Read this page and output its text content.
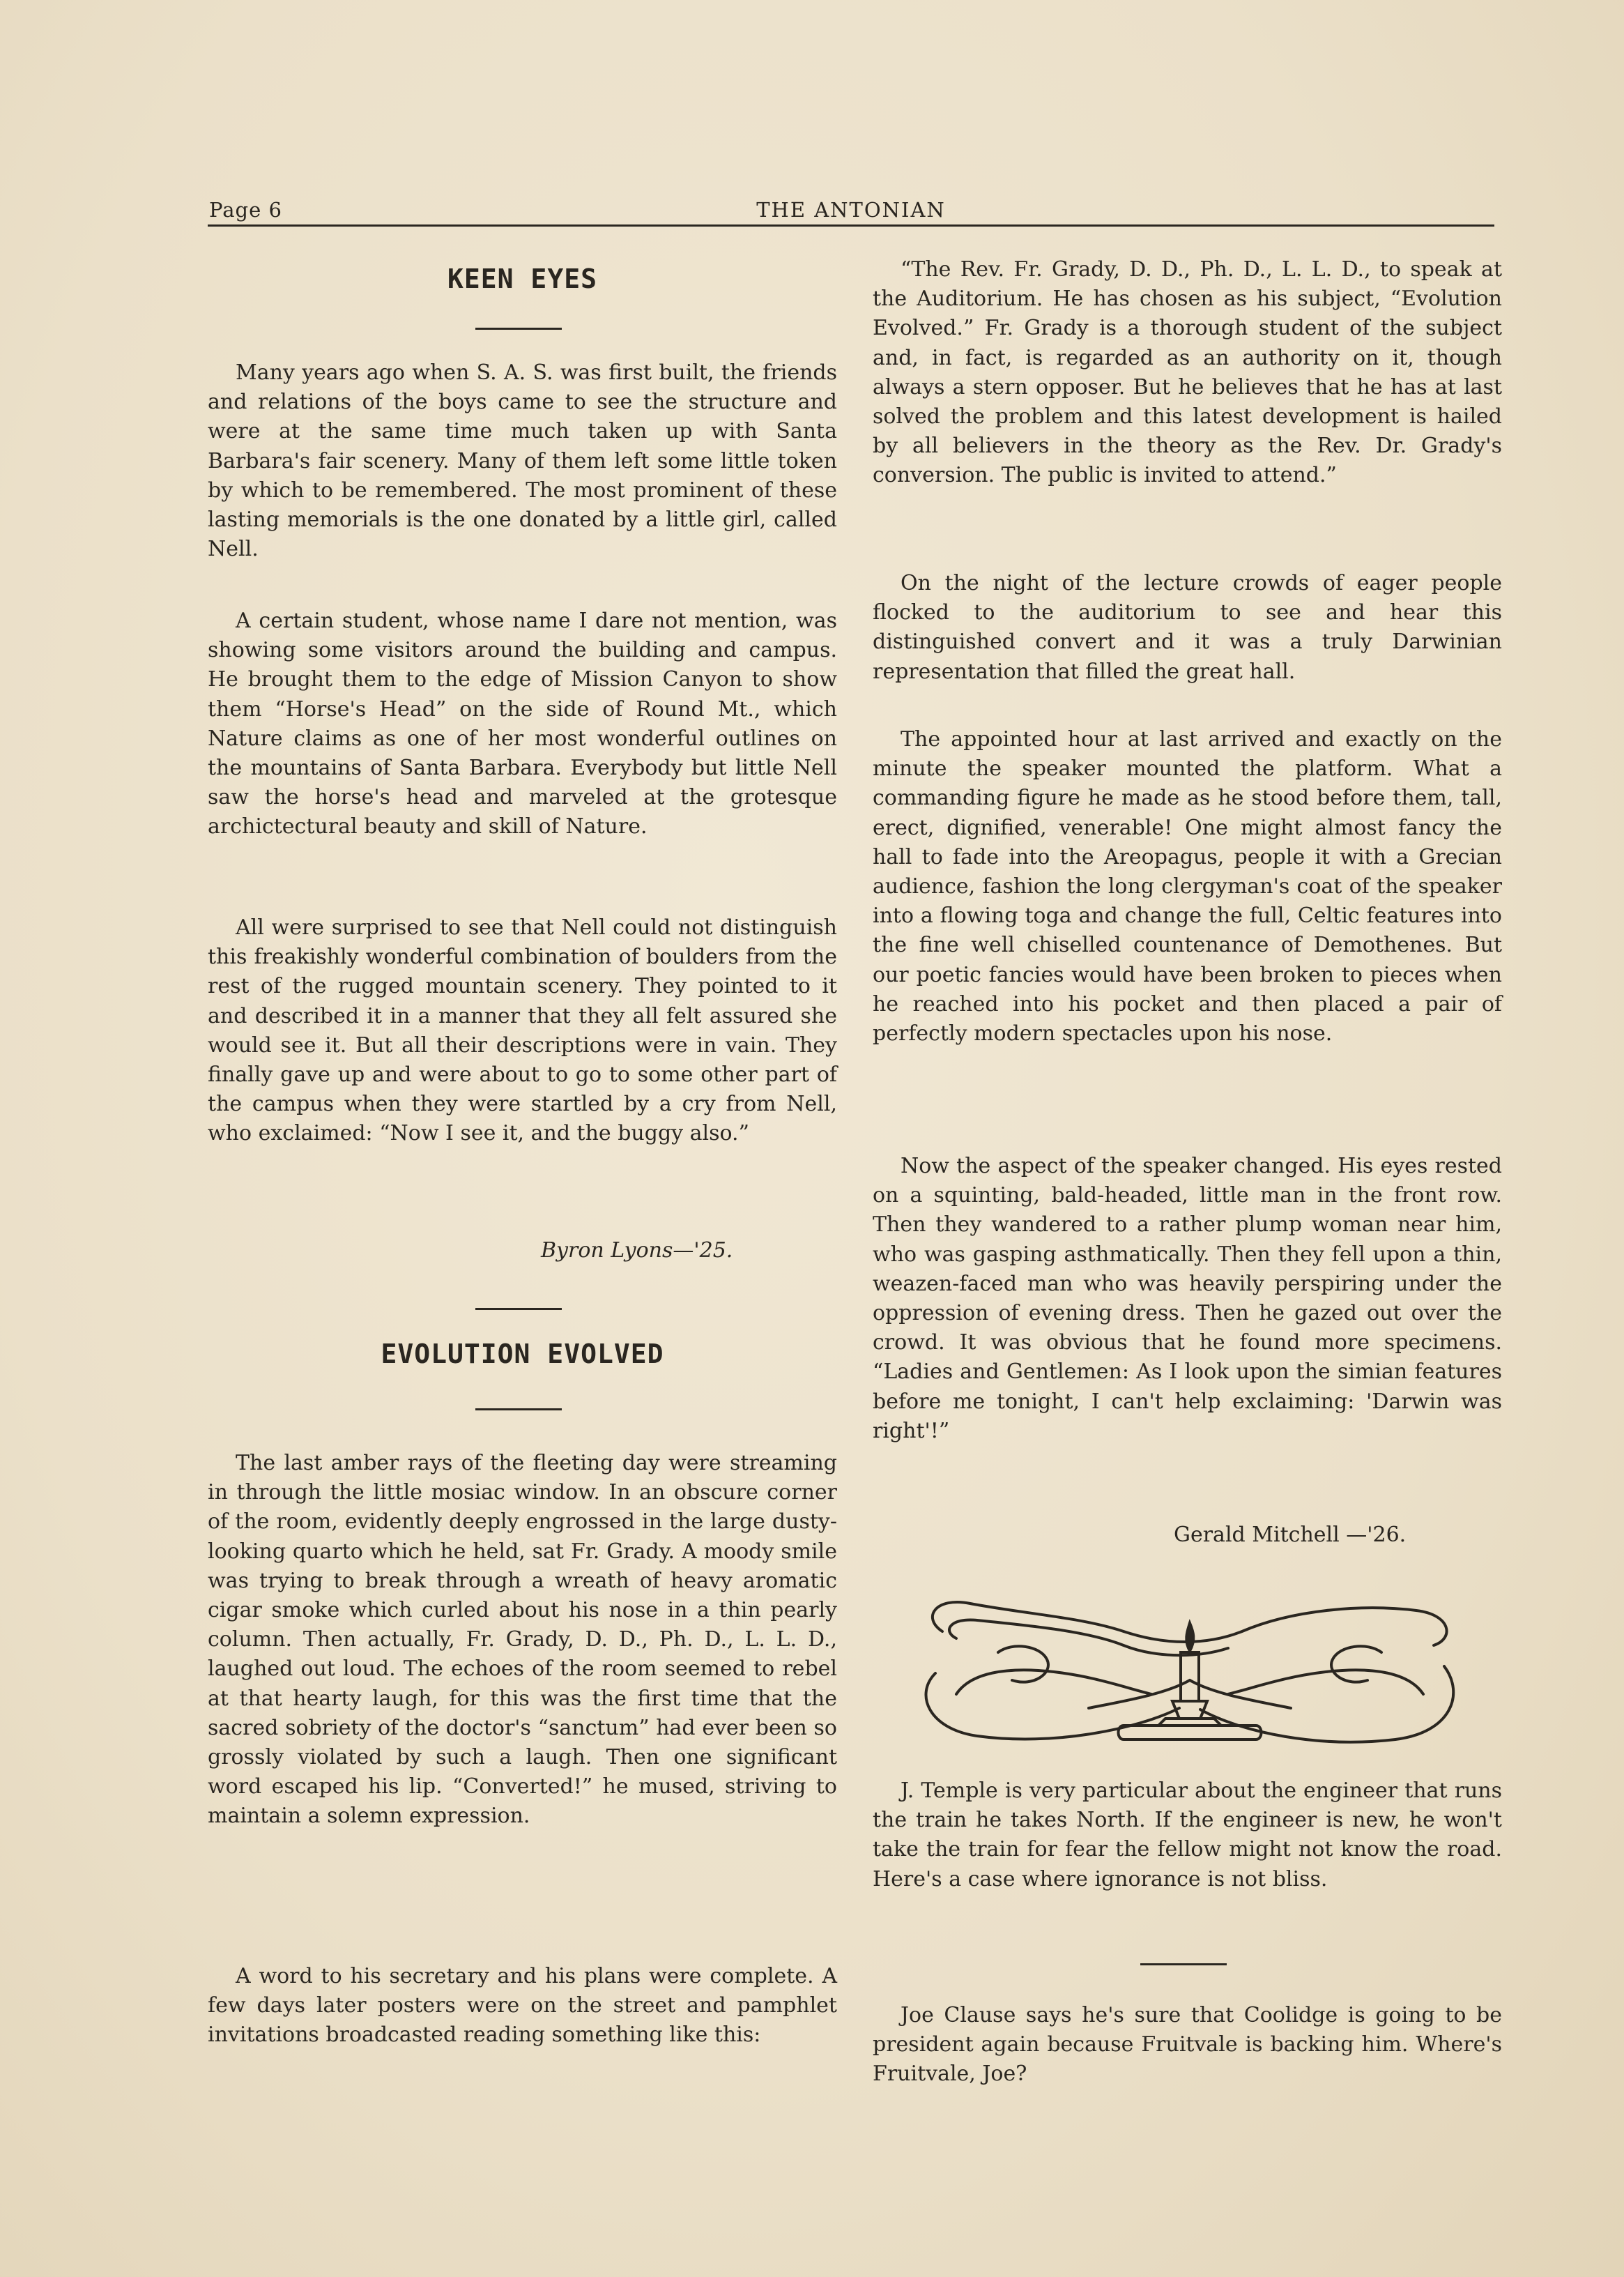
Page 6	THE ANTONIAN
KEEN EYES

Many years ago when S. A. S. was first built, the friends and relations of the boys came to see the structure and were at the same time much taken up with Santa Barbara's fair scenery. Many of them left some little token by which to be remembered. The most prominent of these lasting memorials is the one donated by a little girl, called Nell.

A certain student, whose name I dare not mention, was showing some visitors around the building and campus. He brought them to the edge of Mission Canyon to show them “Horse's Head” on the side of Round Mt., which Nature claims as one of her most wonderful outlines on the mountains of Santa Barbara. Everybody but little Nell saw the horse's head and marveled at the grotesque archictectural beauty and skill of Nature.

All were surprised to see that Nell could not distinguish this freakishly wonderful combination of boulders from the rest of the rugged mountain scenery. They pointed to it and described it in a manner that they all felt assured she would see it. But all their descriptions were in vain. They finally gave up and were about to go to some other part of the campus when they were startled by a cry from Nell, who exclaimed: “Now I see it, and the buggy also.”

Byron Lyons—'25.
EVOLUTION EVOLVED

The last amber rays of the fleeting day were streaming in through the little mosiac window. In an obscure corner of the room, evidently deeply engrossed in the large dusty-looking quarto which he held, sat Fr. Grady. A moody smile was trying to break through a wreath of heavy aromatic cigar smoke which curled about his nose in a thin pearly column. Then actually, Fr. Grady, D. D., Ph. D., L. L. D., laughed out loud. The echoes of the room seemed to rebel at that hearty laugh, for this was the first time that the sacred sobriety of the doctor's “sanctum” had ever been so grossly violated by such a laugh. Then one significant word escaped his lip. “Converted!” he mused, striving to maintain a solemn expression.

A word to his secretary and his plans were complete. A few days later posters were on the street and pamphlet invitations broadcasted reading something like this:

“The Rev. Fr. Grady, D. D., Ph. D., L. L. D., to speak at the Auditorium. He has chosen as his subject, “Evolution Evolved.” Fr. Grady is a thorough student of the subject and, in fact, is regarded as an authority on it, though always a stern opposer. But he believes that he has at last solved the problem and this latest development is hailed by all believers in the theory as the Rev. Dr. Grady's conversion. The public is invited to attend.”

On the night of the lecture crowds of eager people flocked to the auditorium to see and hear this distinguished convert and it was a truly Darwinian representation that filled the great hall.

The appointed hour at last arrived and exactly on the minute the speaker mounted the platform. What a commanding figure he made as he stood before them, tall, erect, dignified, venerable! One might almost fancy the hall to fade into the Areopagus, people it with a Grecian audience, fashion the long clergyman's coat of the speaker into a flowing toga and change the full, Celtic features into the fine well chiselled countenance of Demothenes. But our poetic fancies would have been broken to pieces when he reached into his pocket and then placed a pair of perfectly modern spectacles upon his nose.

Now the aspect of the speaker changed. His eyes rested on a squinting, bald-headed, little man in the front row. Then they wandered to a rather plump woman near him, who was gasping asthmatically. Then they fell upon a thin, weazen-faced man who was heavily perspiring under the oppression of evening dress. Then he gazed out over the crowd. It was obvious that he found more specimens. “Ladies and Gentlemen: As I look upon the simian features before me tonight, I can't help exclaiming: 'Darwin was right'!”

Gerald Mitchell —'26.

J. Temple is very particular about the engineer that runs the train he takes North. If the engineer is new, he won't take the train for fear the fellow might not know the road. Here's a case where ignorance is not bliss.

Joe Clause says he's sure that Coolidge is going to be president again because Fruitvale is backing him. Where's Fruitvale, Joe?
